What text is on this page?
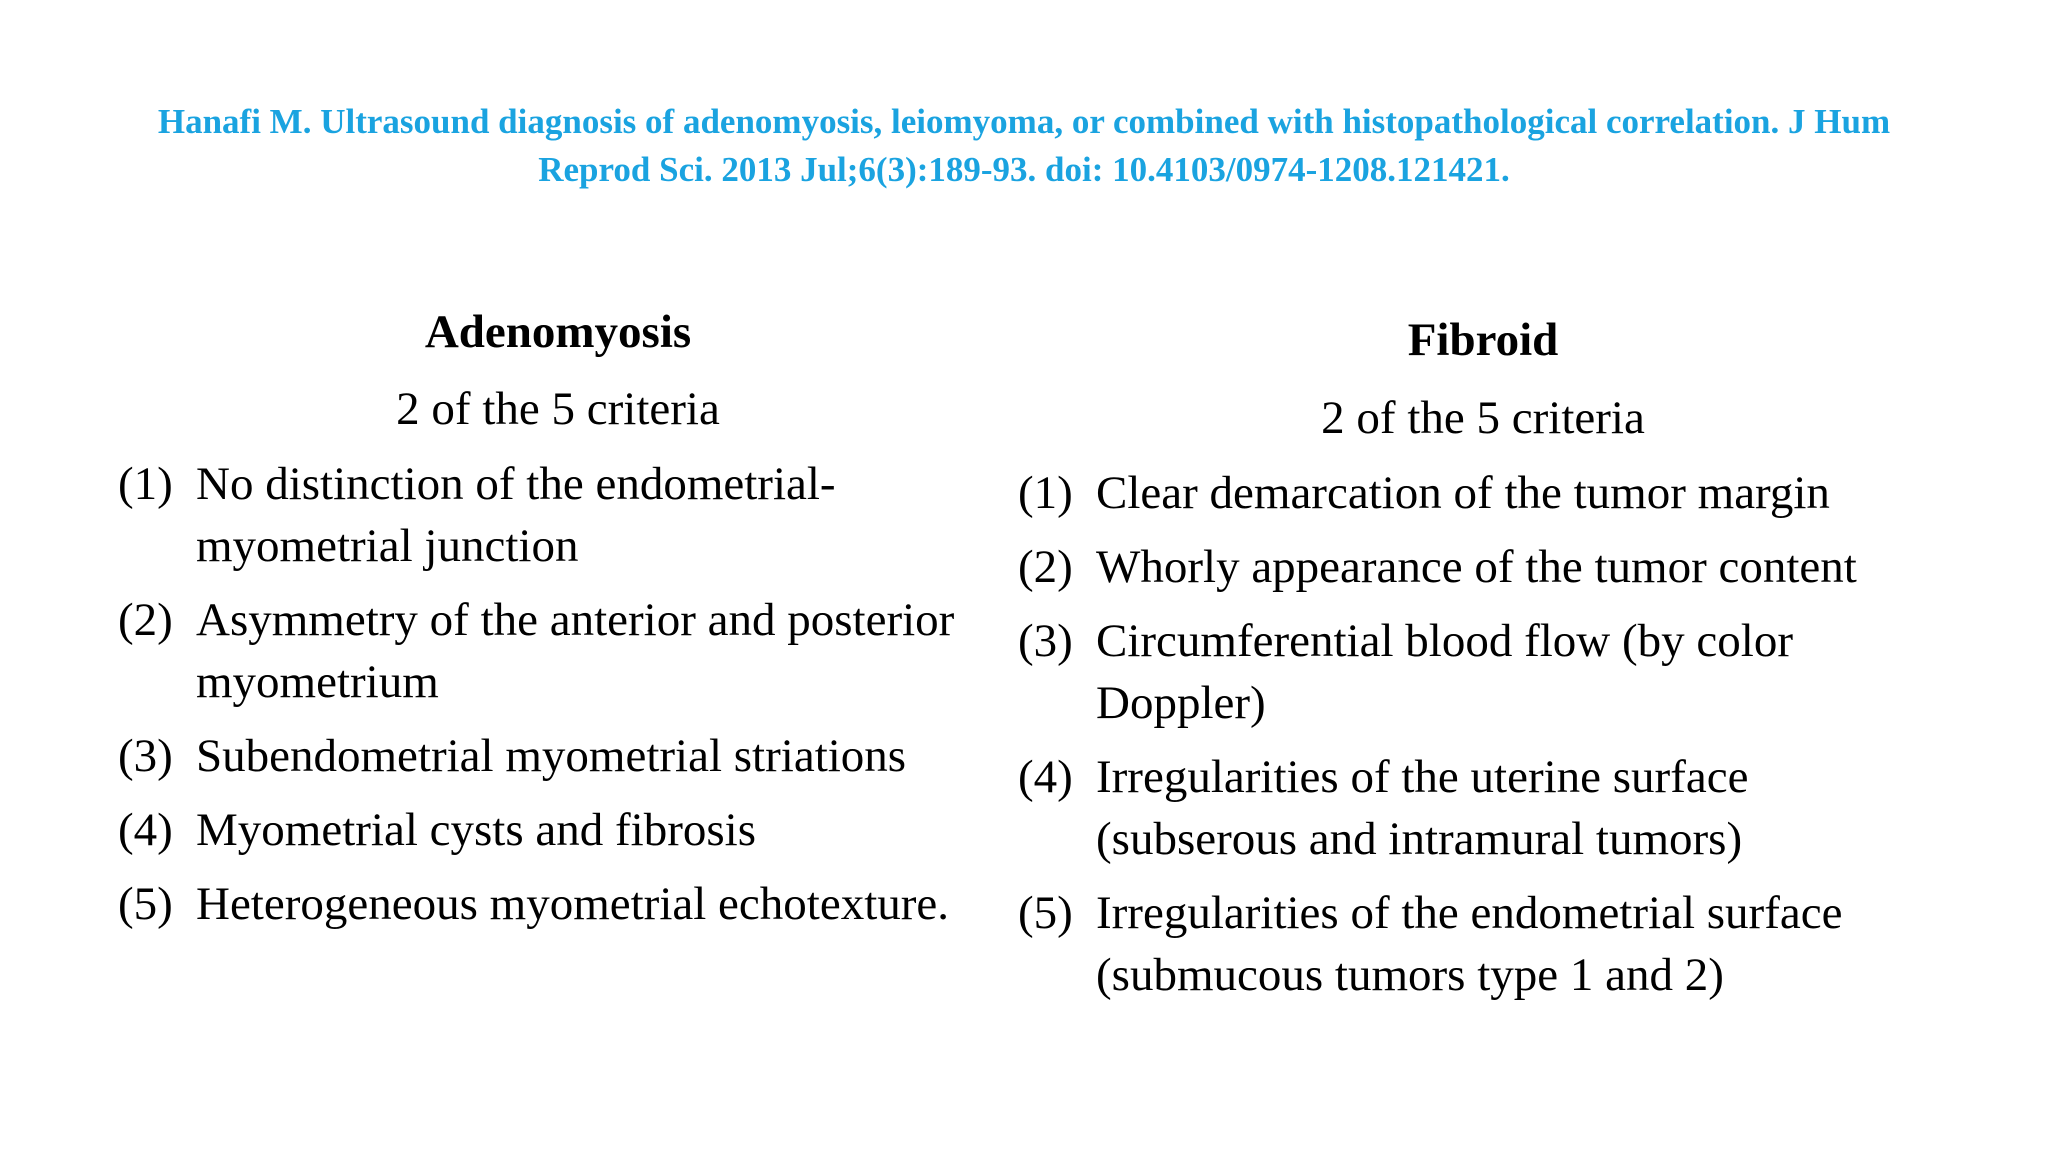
Hanafi M. Ultrasound diagnosis of adenomyosis, leiomyoma, or combined with histopathological correlation. J Hum Reprod Sci. 2013 Jul;6(3):189-93. doi: 10.4103/0974-1208.121421.
Adenomyosis
2 of the 5 criteria
(1) No distinction of the endometrial-myometrial junction
(2) Asymmetry of the anterior and posterior myometrium
(3) Subendometrial myometrial striations
(4) Myometrial cysts and fibrosis
(5) Heterogeneous myometrial echotexture.
Fibroid
2 of the 5 criteria
(1) Clear demarcation of the tumor margin
(2) Whorly appearance of the tumor content
(3) Circumferential blood flow (by color Doppler)
(4) Irregularities of the uterine surface (subserous and intramural tumors)
(5) Irregularities of the endometrial surface (submucous tumors type 1 and 2)
